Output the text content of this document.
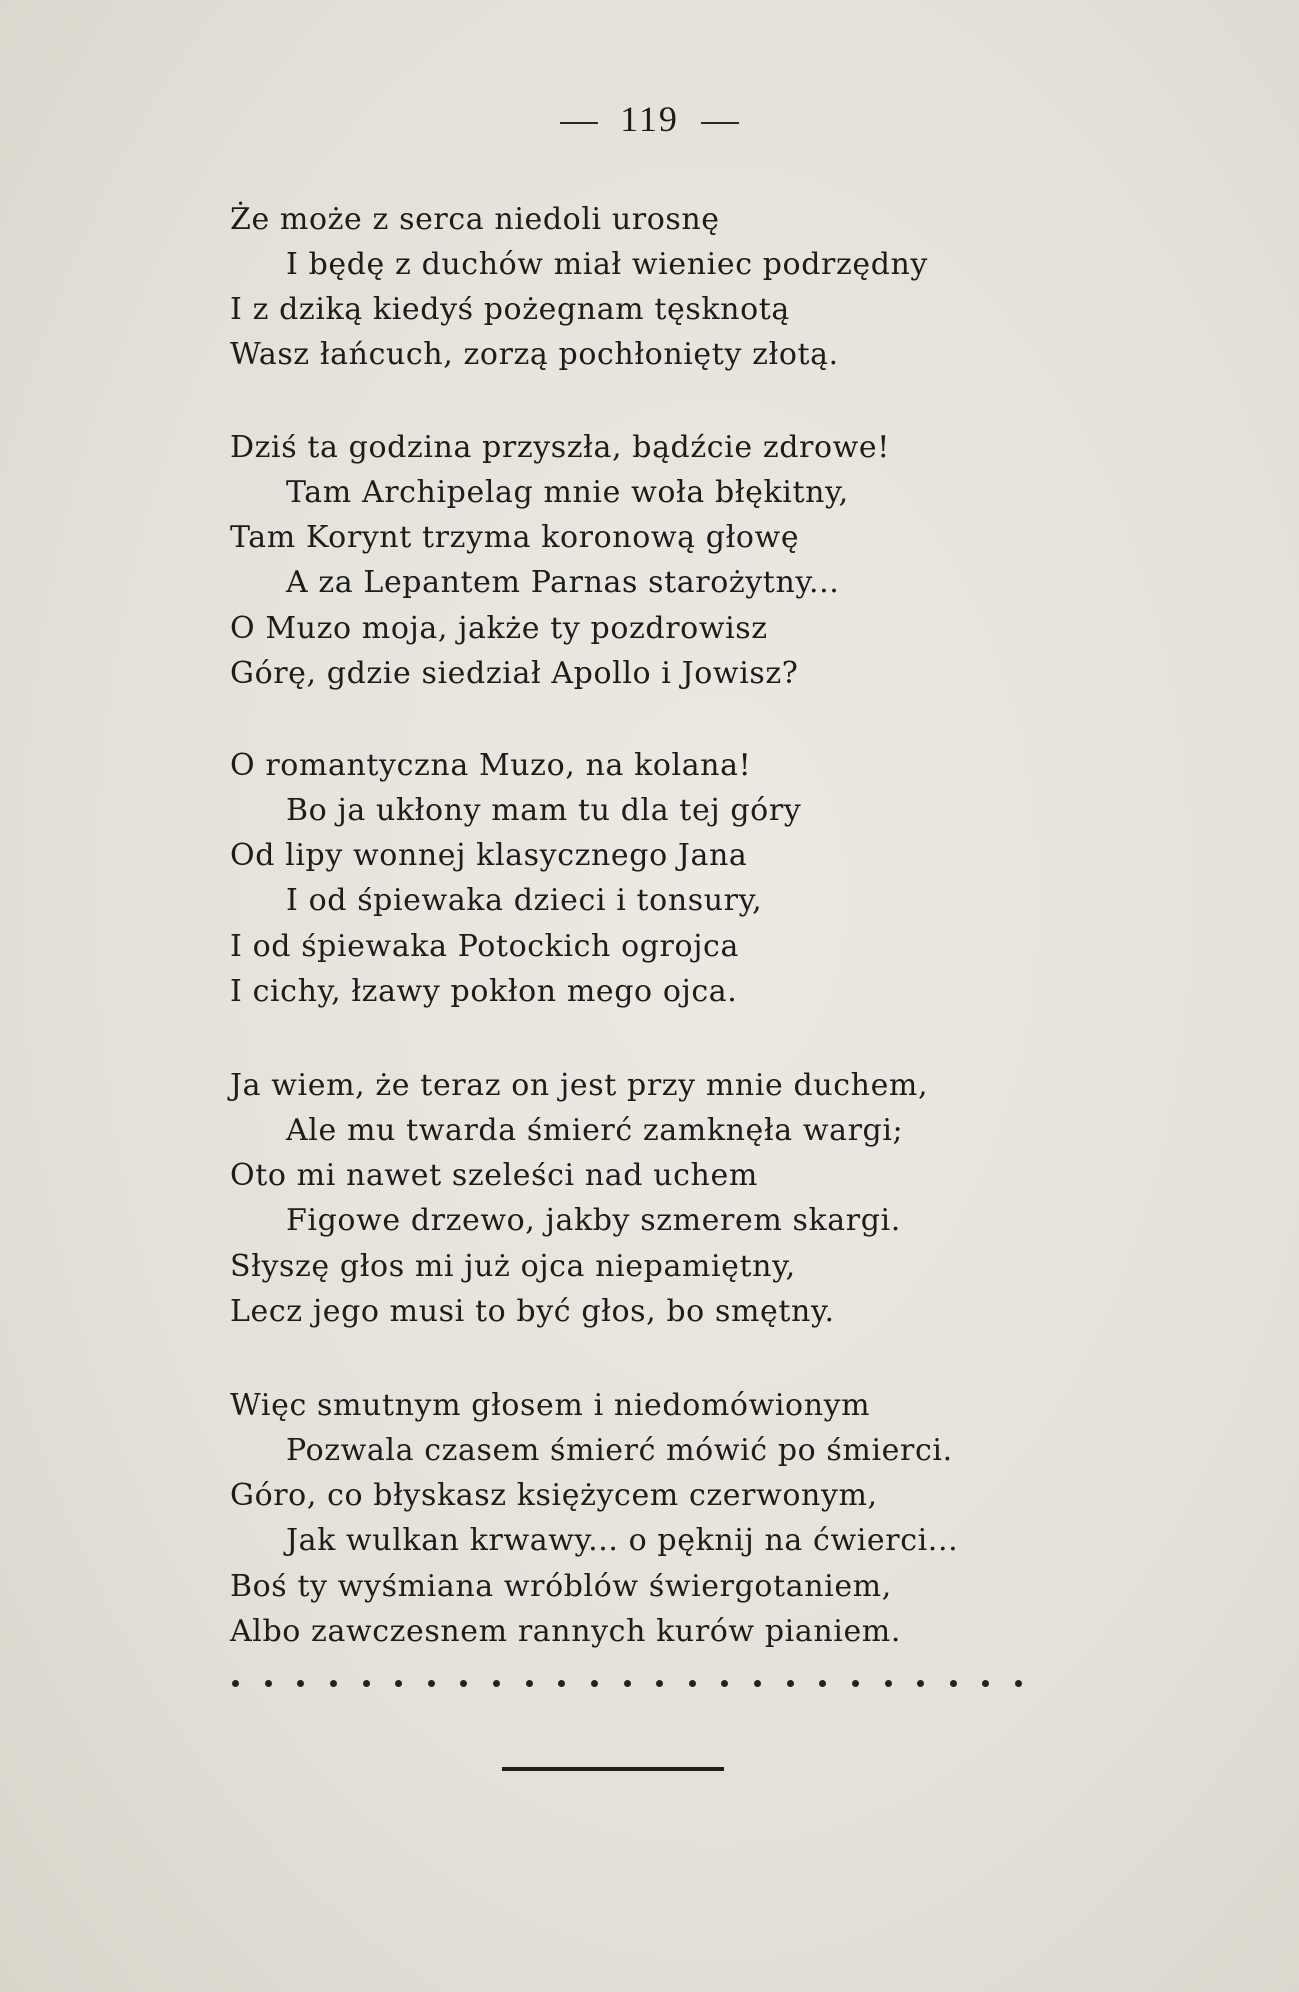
119
Że może z serca niedoli urosnę
I będę z duchów miał wieniec podrzędny
I z dziką kiedyś pożegnam tęsknotą
Wasz łańcuch, zorzą pochłonięty złotą.
Dziś ta godzina przyszła, bądźcie zdrowe!
Tam Archipelag mnie woła błękitny,
Tam Korynt trzyma koronową głowę
A za Lepantem Parnas starożytny...
O Muzo moja, jakże ty pozdrowisz
Górę, gdzie siedział Apollo i Jowisz?
O romantyczna Muzo, na kolana!
Bo ja ukłony mam tu dla tej góry
Od lipy wonnej klasycznego Jana
I od śpiewaka dzieci i tonsury,
I od śpiewaka Potockich ogrojca
I cichy, łzawy pokłon mego ojca.
Ja wiem, że teraz on jest przy mnie duchem,
Ale mu twarda śmierć zamknęła wargi;
Oto mi nawet szeleści nad uchem
Figowe drzewo, jakby szmerem skargi.
Słyszę głos mi już ojca niepamiętny,
Lecz jego musi to być głos, bo smętny.
Więc smutnym głosem i niedomówionym
Pozwala czasem śmierć mówić po śmierci.
Góro, co błyskasz księżycem czerwonym,
Jak wulkan krwawy... o pęknij na ćwierci...
Boś ty wyśmiana wróblów świergotaniem,
Albo zawczesnem rannych kurów pianiem.
